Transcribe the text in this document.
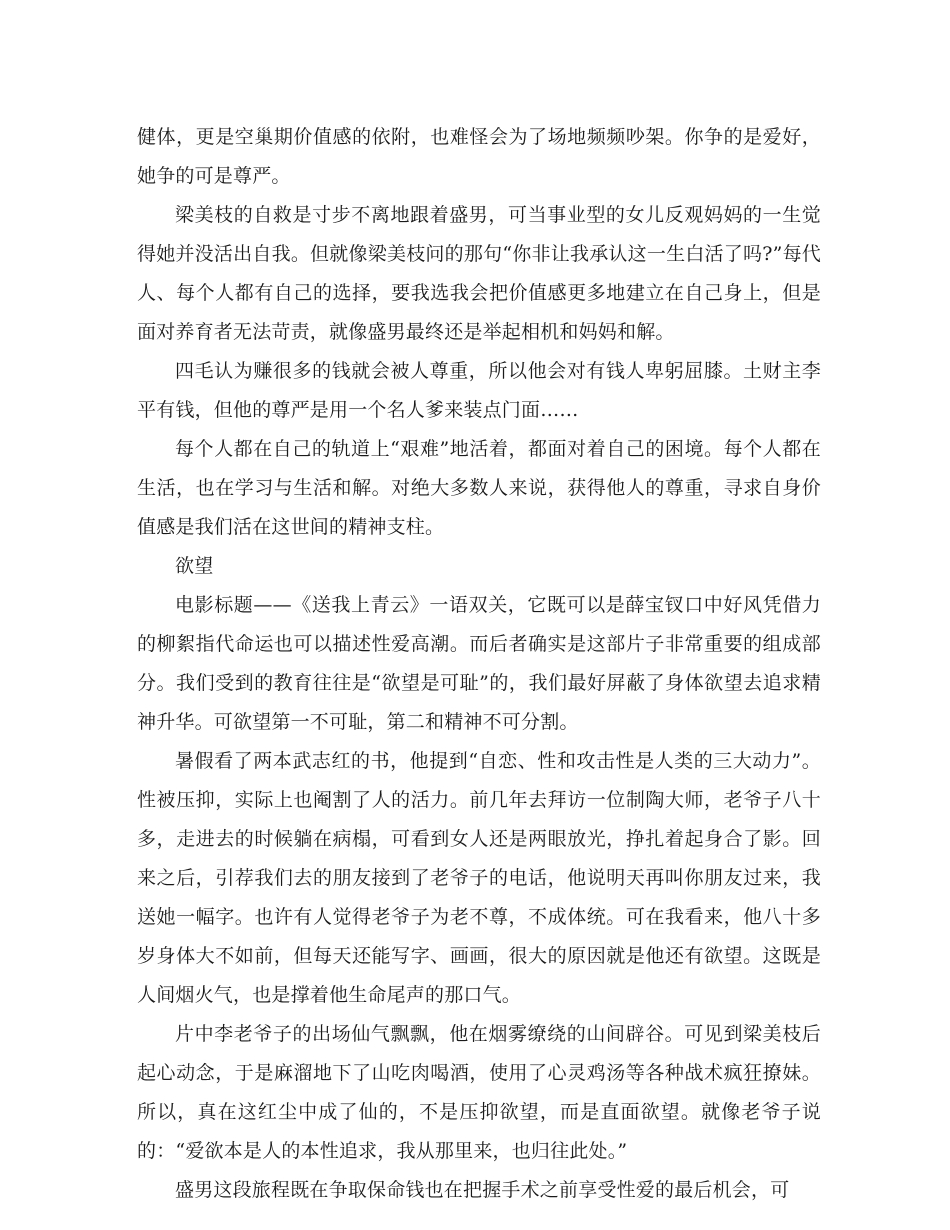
健体，更是空巢期价值感的依附，也难怪会为了场地频频吵架。你争的是爱好，她争的可是尊严。

梁美枝的自救是寸步不离地跟着盛男，可当事业型的女儿反观妈妈的一生觉得她并没活出自我。但就像梁美枝问的那句“你非让我承认这一生白活了吗?”每代人、每个人都有自己的选择，要我选我会把价值感更多地建立在自己身上，但是面对养育者无法苛责，就像盛男最终还是举起相机和妈妈和解。

四毛认为赚很多的钱就会被人尊重，所以他会对有钱人卑躬屈膝。土财主李平有钱，但他的尊严是用一个名人爹来装点门面……

每个人都在自己的轨道上“艰难”地活着，都面对着自己的困境。每个人都在生活，也在学习与生活和解。对绝大多数人来说，获得他人的尊重，寻求自身价值感是我们活在这世间的精神支柱。

欲望

电影标题——《送我上青云》一语双关，它既可以是薛宝钗口中好风凭借力的柳絮指代命运也可以描述性爱高潮。而后者确实是这部片子非常重要的组成部分。我们受到的教育往往是“欲望是可耻”的，我们最好屏蔽了身体欲望去追求精神升华。可欲望第一不可耻，第二和精神不可分割。

暑假看了两本武志红的书，他提到“自恋、性和攻击性是人类的三大动力”。性被压抑，实际上也阉割了人的活力。前几年去拜访一位制陶大师，老爷子八十多，走进去的时候躺在病榻，可看到女人还是两眼放光，挣扎着起身合了影。回来之后，引荐我们去的朋友接到了老爷子的电话，他说明天再叫你朋友过来，我送她一幅字。也许有人觉得老爷子为老不尊，不成体统。可在我看来，他八十多岁身体大不如前，但每天还能写字、画画，很大的原因就是他还有欲望。这既是人间烟火气，也是撑着他生命尾声的那口气。

片中李老爷子的出场仙气飘飘，他在烟雾缭绕的山间辟谷。可见到梁美枝后起心动念，于是麻溜地下了山吃肉喝酒，使用了心灵鸡汤等各种战术疯狂撩妹。所以，真在这红尘中成了仙的，不是压抑欲望，而是直面欲望。就像老爷子说的：“爱欲本是人的本性追求，我从那里来，也归往此处。”

盛男这段旅程既在争取保命钱也在把握手术之前享受性爱的最后机会，可
